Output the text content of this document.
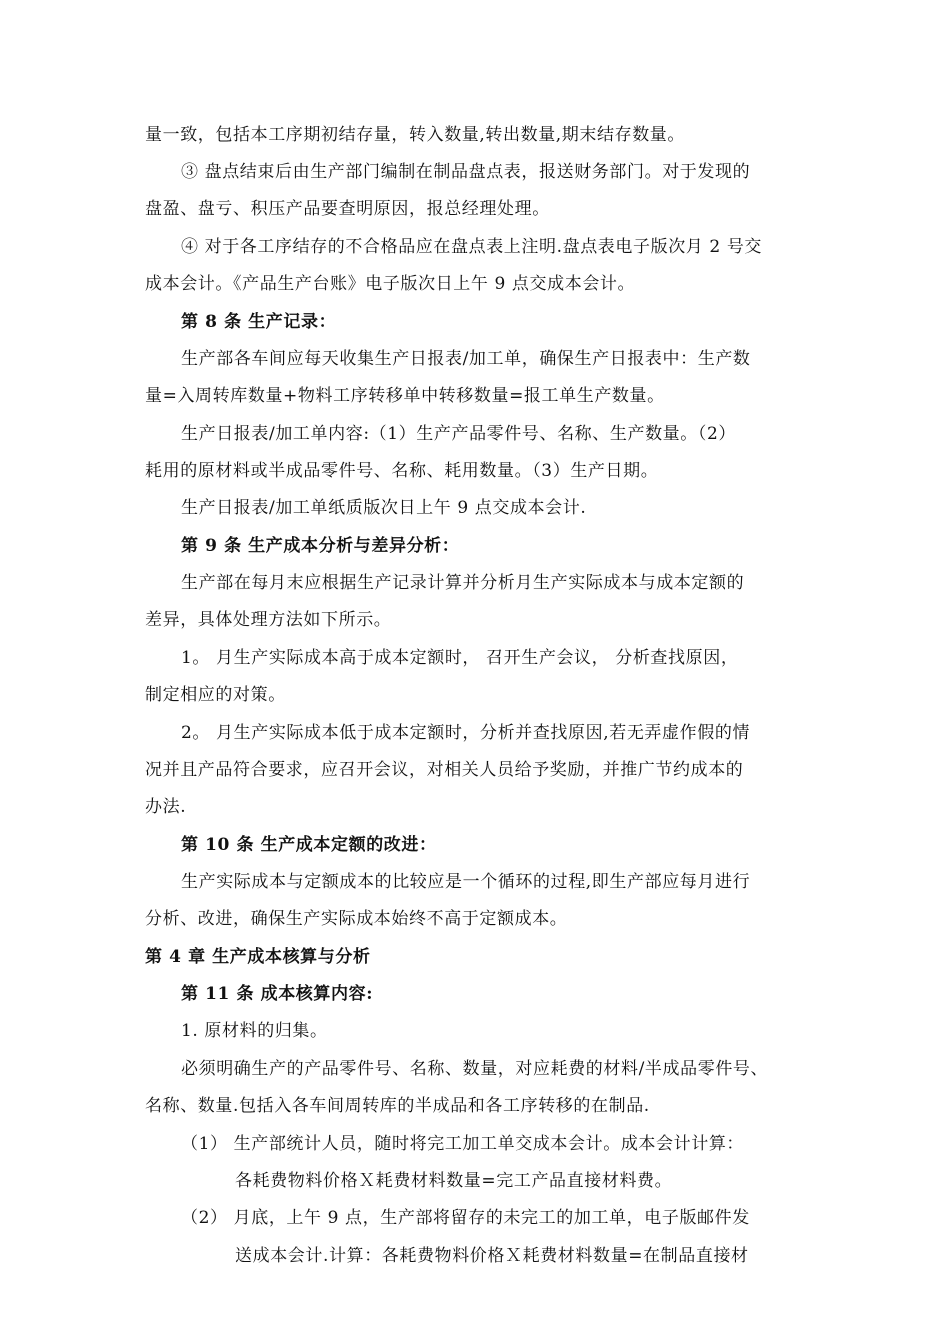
量一致，包括本工序期初结存量，转入数量,转出数量,期末结存数量。
③ 盘点结束后由生产部门编制在制品盘点表，报送财务部门。对于发现的
盘盈、盘亏、积压产品要查明原因，报总经理处理。
④ 对于各工序结存的不合格品应在盘点表上注明.盘点表电子版次月 2 号交
成本会计。《产品生产台账》电子版次日上午 9 点交成本会计。
第 8 条 生产记录：
生产部各车间应每天收集生产日报表/加工单，确保生产日报表中：生产数
量=入周转库数量+物料工序转移单中转移数量=报工单生产数量。
生产日报表/加工单内容:（1）生产产品零件号、名称、生产数量。（2）
耗用的原材料或半成品零件号、名称、耗用数量。（3）生产日期。
生产日报表/加工单纸质版次日上午 9 点交成本会计.
第 9 条 生产成本分析与差异分析：
生产部在每月末应根据生产记录计算并分析月生产实际成本与成本定额的
差异，具体处理方法如下所示。
1。 月生产实际成本高于成本定额时， 召开生产会议， 分析查找原因，
制定相应的对策。
2。 月生产实际成本低于成本定额时，分析并查找原因,若无弄虚作假的情
况并且产品符合要求，应召开会议，对相关人员给予奖励，并推广节约成本的
办法.
第 10 条 生产成本定额的改进：
生产实际成本与定额成本的比较应是一个循环的过程,即生产部应每月进行
分析、改进，确保生产实际成本始终不高于定额成本。
第 4 章 生产成本核算与分析
第 11 条 成本核算内容:
1. 原材料的归集。
必须明确生产的产品零件号、名称、数量，对应耗费的材料/半成品零件号、
名称、数量.包括入各车间周转库的半成品和各工序转移的在制品.
（1） 生产部统计人员，随时将完工加工单交成本会计。成本会计计算：
各耗费物料价格Ｘ耗费材料数量=完工产品直接材料费。
（2） 月底，上午 9 点，生产部将留存的未完工的加工单，电子版邮件发
送成本会计.计算：各耗费物料价格Ｘ耗费材料数量=在制品直接材
